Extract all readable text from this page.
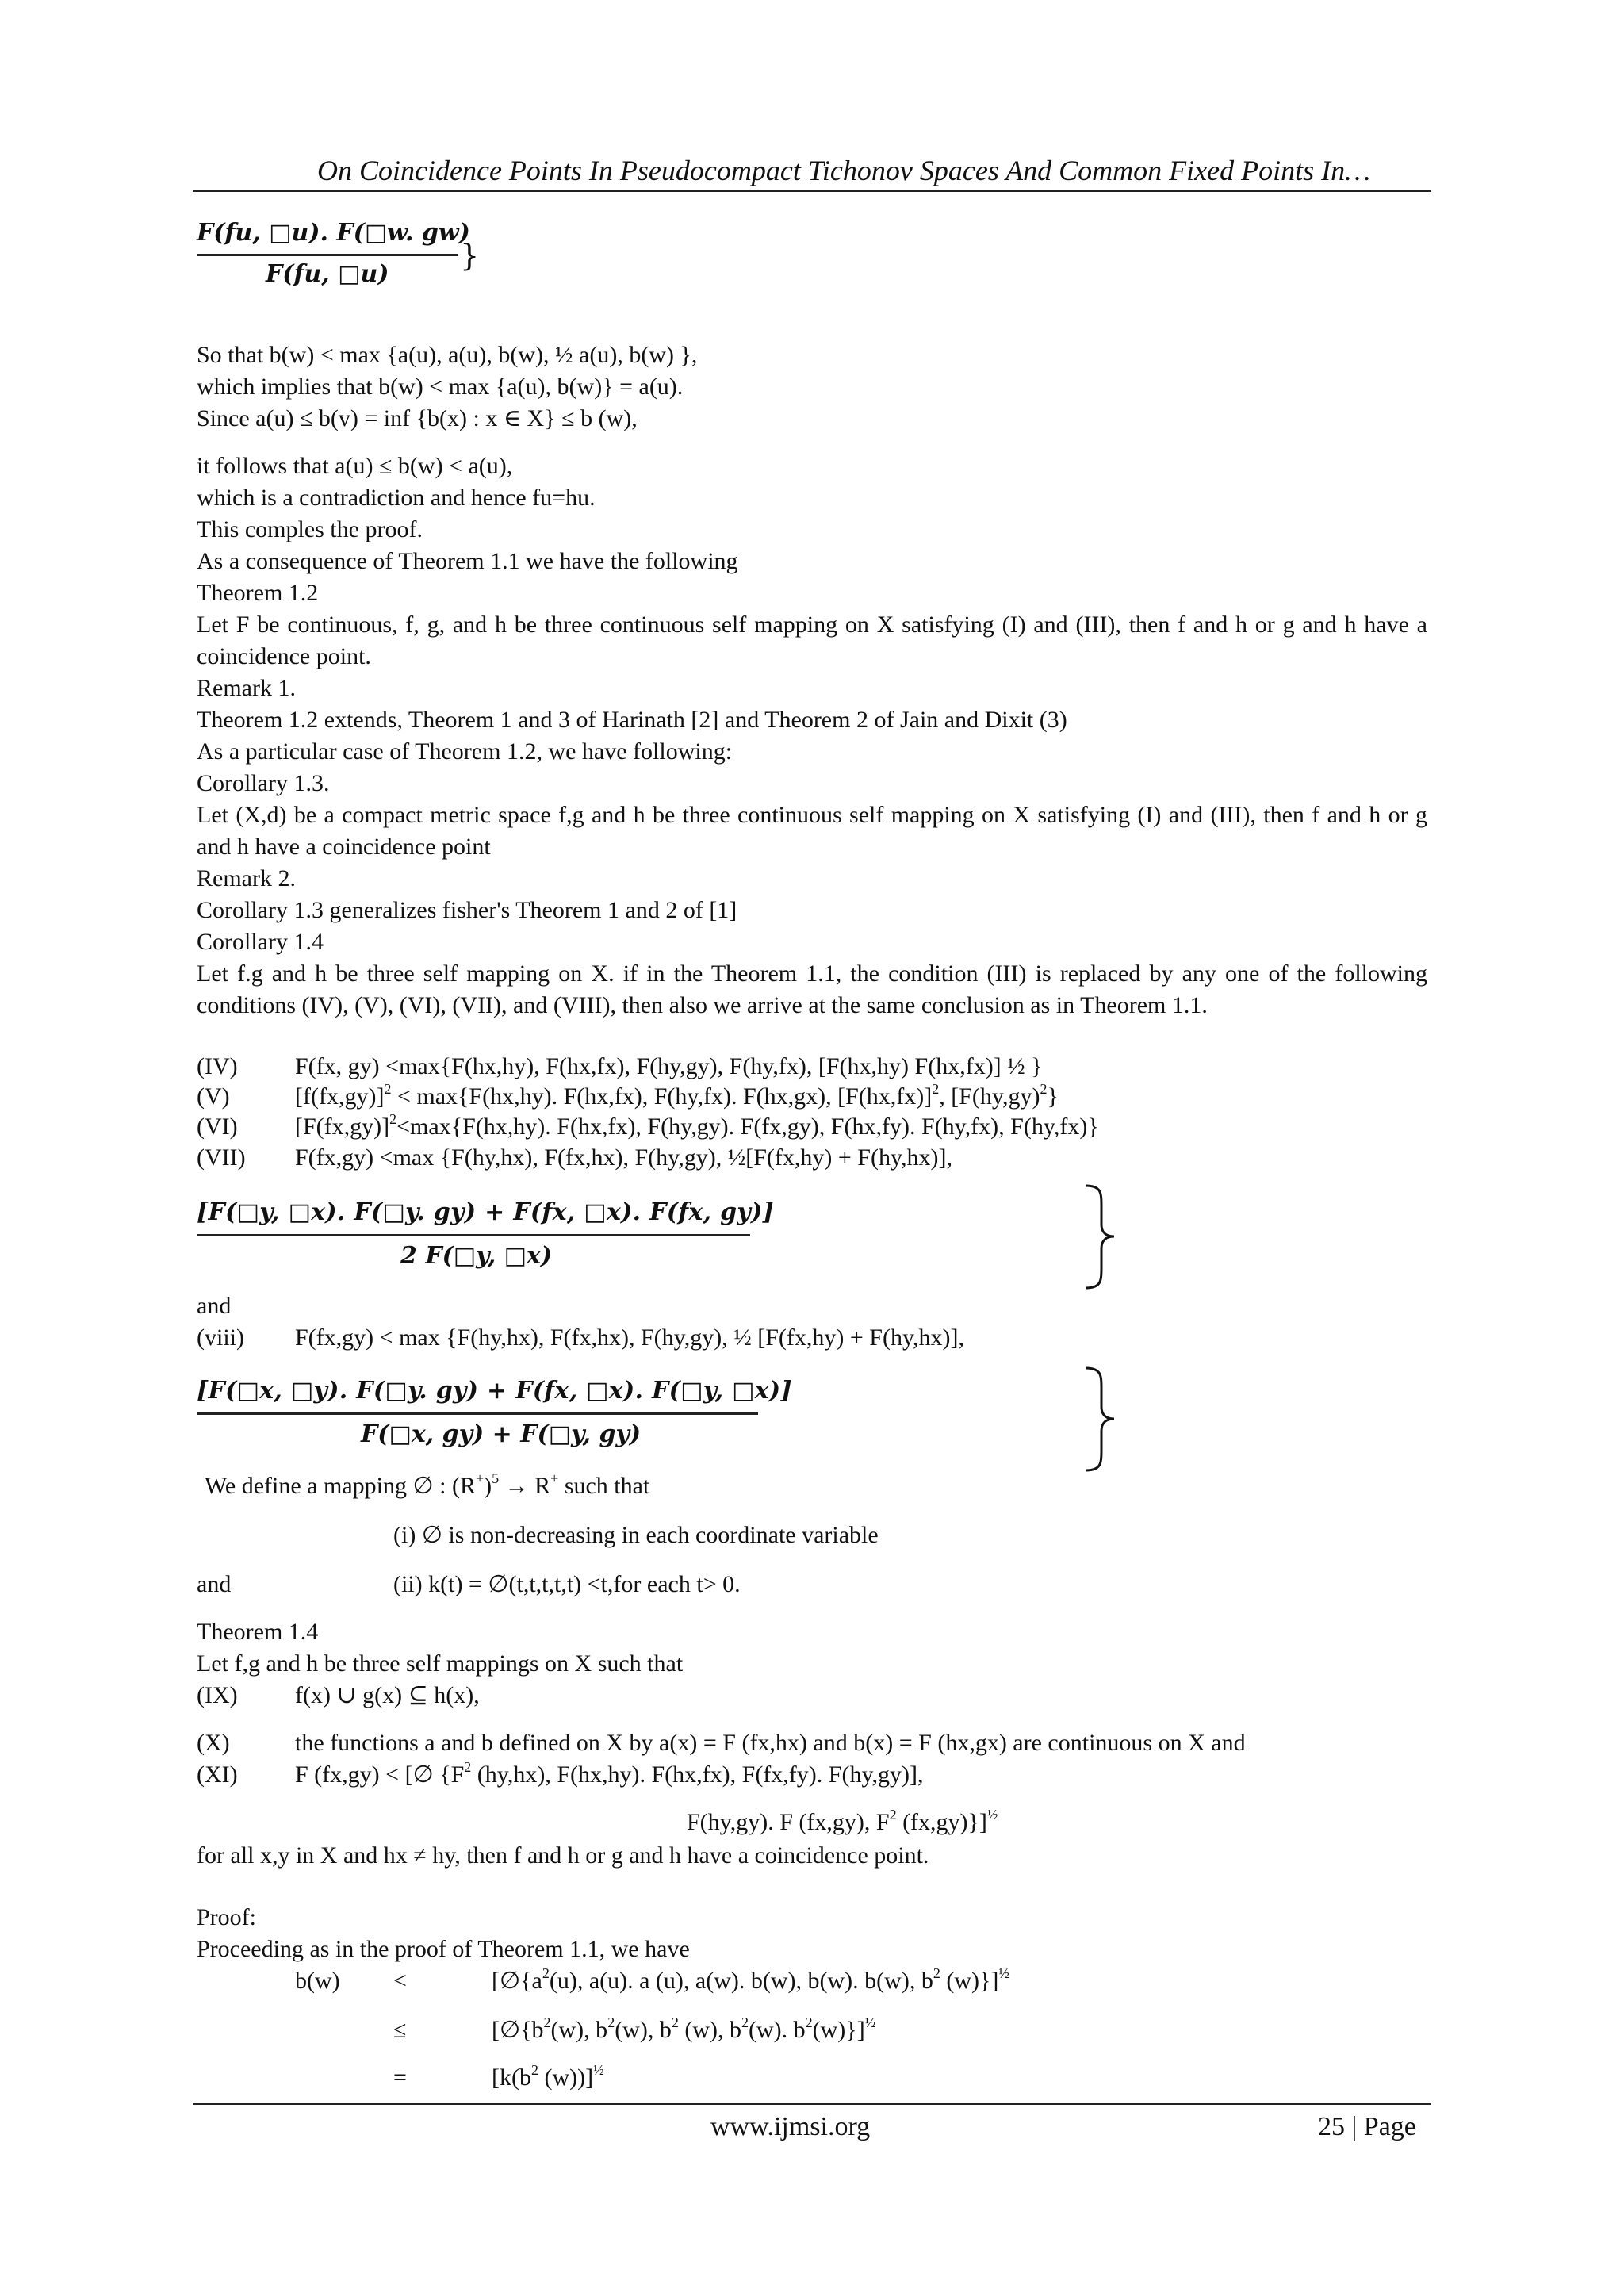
On Coincidence Points In Pseudocompact Tichonov Spaces And Common Fixed Points In…
F(fu, □u). F(□w. gw)
F(fu, □u)
}
So that b(w) < max {a(u), a(u), b(w), ½ a(u), b(w) },
which implies that b(w) < max {a(u), b(w)} = a(u).
Since a(u) ≤ b(v) = inf {b(x) : x ∈ X} ≤ b (w),
it follows that a(u) ≤ b(w) < a(u),
which is a contradiction and hence fu=hu.
This comples the proof.
As a consequence of Theorem 1.1 we have the following
Theorem 1.2
Let F be continuous, f, g, and h be three continuous self mapping on X satisfying (I) and (III), then f and h or g and h have a coincidence point.
Remark 1.
Theorem 1.2 extends, Theorem 1 and 3 of Harinath [2] and Theorem 2 of Jain and Dixit (3)
As a particular case of Theorem 1.2, we have following:
Corollary 1.3.
Let (X,d) be a compact metric space f,g and h be three continuous self mapping on X satisfying (I) and (III), then f and h or g and h have a coincidence point
Remark 2.
Corollary 1.3 generalizes fisher's Theorem 1 and 2 of [1]
Corollary 1.4
Let f.g and h be three self mapping on X. if in the Theorem 1.1, the condition (III) is replaced by any one of the following conditions (IV), (V), (VI), (VII), and (VIII), then also we arrive at the same conclusion as in Theorem 1.1.
(IV) F(fx, gy) <max{F(hx,hy), F(hx,fx), F(hy,gy), F(hy,fx), [F(hx,hy) F(hx,fx)] ½ }
(V)	$[f(fx,gy)]^2 < \max\{F(hx,hy)$. F(hx,fx), F(hy,fx). F(hx,gx), $[F(hx,fx)]^2$, $[F(hy,gy)^2\}$
(VI) $[F(fx,gy)]^2<\max\{F(hx,hy)$. F(hx,fx), F(hy,gy). F(fx,gy), F(hx,fy). F(hy,fx), F(hy,fx)}
(VII) F(fx,gy) <max {F(hy,hx), F(fx,hx), F(hy,gy), ½[F(fx,hy) + F(hy,hx)],
[F(□y, □x). F(□y. gy) + F(fx, □x). F(fx, gy)]
2 F(□y, □x)
and
(viii) F(fx,gy) < max {F(hy,hx), F(fx,hx), F(hy,gy), ½ [F(fx,hy) + F(hy,hx)],
[F(□x, □y). F(□y. gy) + F(fx, □x). F(□y, □x)]
F(□x, gy) + F(□y, gy)
We define a mapping ∅ : $(R^+)^5 \to R^+$ such that
(i) ∅ is non-decreasing in each coordinate variable
and	(ii) k(t) = ∅(t,t,t,t,t) <t,for each t> 0.
Theorem 1.4
Let f,g and h be three self mappings on X such that
(IX) f(x) ∪ g(x) ⊆ h(x),
(X)	the functions a and b defined on X by a(x) = F (fx,hx) and b(x) = F (hx,gx) are continuous on X and
(XI) F (fx,gy) < [∅ {$F^2$ (hy,hx), F(hx,hy). F(hx,fx), F(fx,fy). F(hy,gy)],
F(hy,gy). F (fx,gy), $F^2$ (fx,gy)}]$^{\frac{1}{2}}$
for all x,y in X and hx ≠ hy, then f and h or g and h have a coincidence point.
Proof:
Proceeding as in the proof of Theorem 1.1, we have
b(w) <	[$\emptyset\{a^2(u)$, a(u). a (u), a(w). b(w), b(w). b(w), $b^2$ (w)}]$^{\frac{1}{2}}$
≤	[$\emptyset\{b^2(w)$, $b^2(w)$, $b^2$ (w), $b^2(w)$. $b^2(w)\}]^{\frac{1}{2}}$
=	[$k(b^2$ (w))]$^{\frac{1}{2}}$
www.ijmsi.org	25 | Page
